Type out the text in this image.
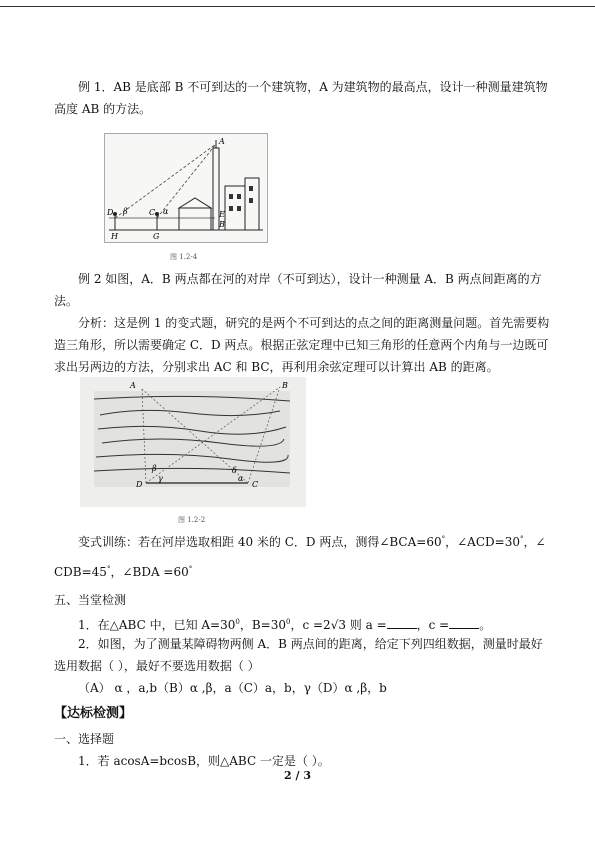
例 1．AB 是底部 B 不可到达的一个建筑物，A 为建筑物的最高点，设计一种测量建筑物高度 AB 的方法。

A
D β	C α	E
B
H	G
图 1.2-4

例 2 如图，A．B 两点都在河的对岸（不可到达），设计一种测量 A．B 两点间距离的方法。

分析：这是例 1 的变式题，研究的是两个不可到达的点之间的距离测量问题。首先需要构造三角形，所以需要确定 C．D 两点。根据正弦定理中已知三角形的任意两个内角与一边既可求出另两边的方法，分别求出 AC 和 BC，再利用余弦定理可以计算出 AB 的距离。

A	B
D	C
β
γ
δ
α
图 1.2-2

变式训练：若在河岸选取相距 40 米的 C．D 两点，测得∠BCA=60°，∠ACD=30°，∠

CDB=45°，∠BDA =60°

五、当堂检测

1．在△ABC 中，已知 $A=30^0$，$B=30^0$，c =2√3 则 a =	，c =	。

2．如图，为了测量某障碍物两侧 A．B 两点间的距离，给定下列四组数据，测量时最好选用数据（ ），最好不要选用数据（ ）

（A） α ，a,b（B）α ,β，a（C）a，b，γ（D）α ,β，b

【达标检测】

一、选择题

1．若 acosA=bcosB，则△ABC 一定是（ ）。

2 / 3
